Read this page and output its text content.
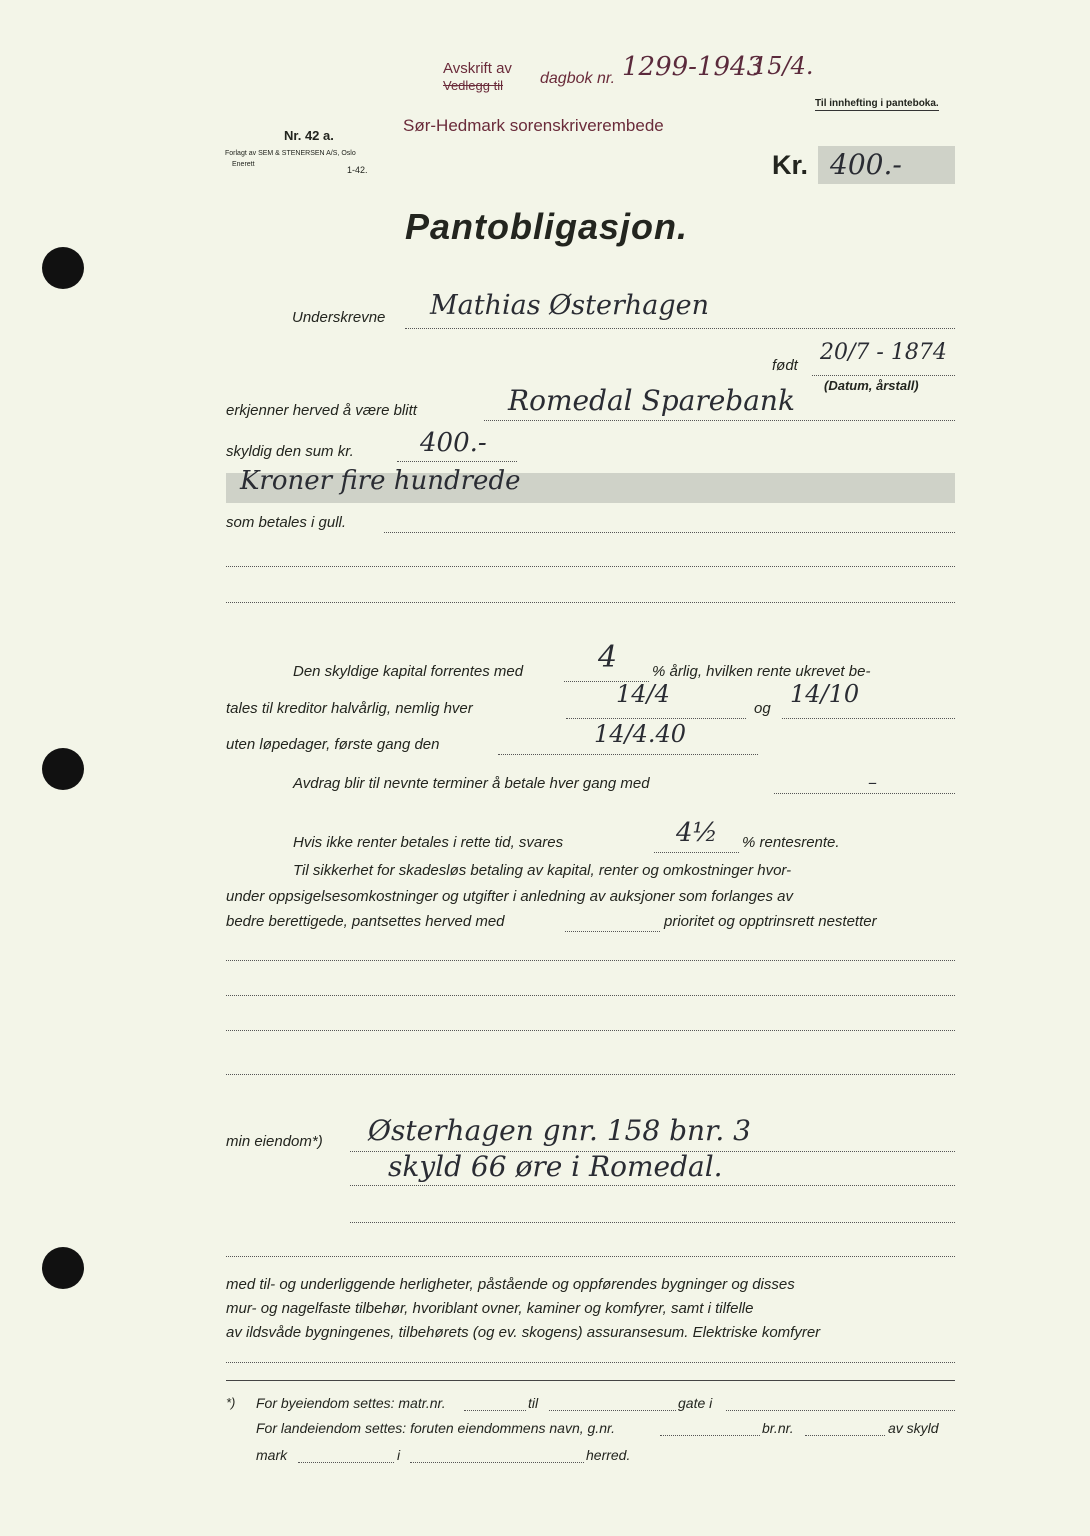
Avskrift av
Vedlegg til dagbok nr. 1299-1943
15/4.
Til innhefting i panteboka.
Nr. 42 a.
Forlagt av SEM & STENERSEN A/S, Oslo
Enerett
1-42.
Sør-Hedmark sorenskriverembede
Kr. 400.-
Pantobligasjon.
Underskrevne Mathias Østerhagen
født
20/7 - 1874
(Datum, årstall)
erkjenner herved å være blitt	Romedal Sparebank
skyldig den sum kr.	400.-
Kroner fire hundrede
som betales i gull.
Den skyldige kapital forrentes med 4 % årlig, hvilken rente ukrevet be-
tales til kreditor halvårlig, nemlig hver
14/4
og
14/10
uten løpedager, første gang den	14/4.40
Avdrag blir til nevnte terminer å betale hver gang med	–
Hvis ikke renter betales i rette tid, svares	4½ % rentesrente.
Til sikkerhet for skadesløs betaling av kapital, renter og omkostninger hvor-
under oppsigelsesomkostninger og utgifter i anledning av auksjoner som forlanges av
bedre berettigede, pantsettes herved med	prioritet og opptrinsrett nestetter
min eiendom*) Østerhagen gnr. 158 bnr. 3
skyld 66 øre i Romedal.
med til- og underliggende herligheter, påstående og oppførendes bygninger og disses
mur- og nagelfaste tilbehør, hvoriblant ovner, kaminer og komfyrer, samt i tilfelle
av ildsvåde bygningenes, tilbehørets (og ev. skogens) assuransesum. Elektriske komfyrer
*) For byeiendom settes: matr.nr.	til	gate i
For landeiendom settes: foruten eiendommens navn, g.nr.	br.nr.	av skyld
mark	i	herred.
